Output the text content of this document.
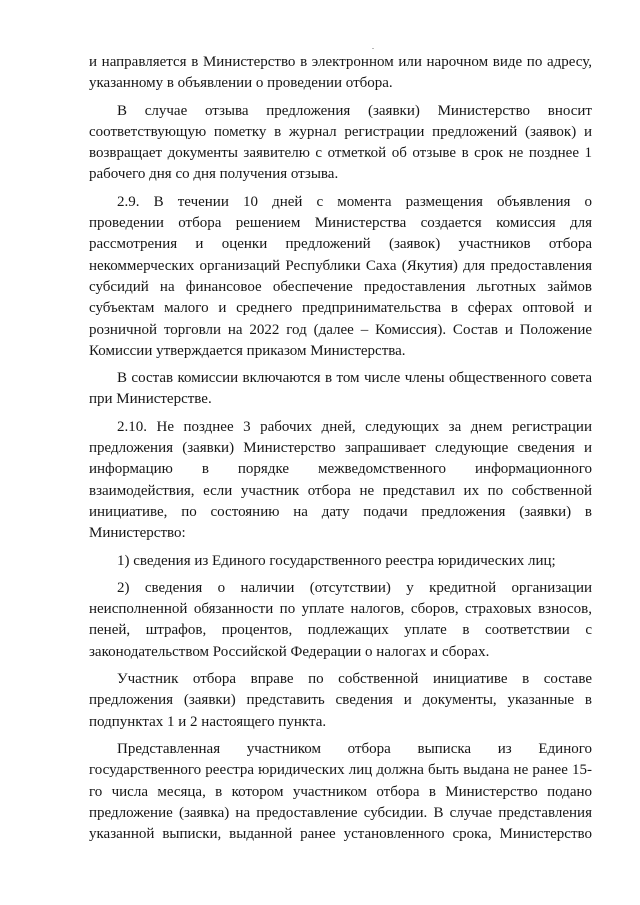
и направляется в Министерство в электронном или нарочном виде по адресу,
указанному в объявлении о проведении отбора.
В случае отзыва предложения (заявки) Министерство вносит
соответствующую пометку в журнал регистрации предложений (заявок) и
возвращает документы заявителю с отметкой об отзыве в срок не позднее 1
рабочего дня со дня получения отзыва.
2.9. В течении 10 дней с момента размещения объявления о
проведении отбора решением Министерства создается комиссия для
рассмотрения и оценки предложений (заявок) участников отбора
некоммерческих организаций Республики Саха (Якутия) для предоставления
субсидий на финансовое обеспечение предоставления льготных займов
субъектам малого и среднего предпринимательства в сферах оптовой и
розничной торговли на 2022 год (далее – Комиссия). Состав и Положение
Комиссии утверждается приказом Министерства.
В состав комиссии включаются в том числе члены общественного совета
при Министерстве.
2.10. Не позднее 3 рабочих дней, следующих за днем регистрации
предложения (заявки) Министерство запрашивает следующие сведения и
информацию в порядке межведомственного информационного
взаимодействия, если участник отбора не представил их по собственной
инициативе, по состоянию на дату подачи предложения (заявки) в
Министерство:
1) сведения из Единого государственного реестра юридических лиц;
2) сведения о наличии (отсутствии) у кредитной организации
неисполненной обязанности по уплате налогов, сборов, страховых взносов,
пеней, штрафов, процентов, подлежащих уплате в соответствии с
законодательством Российской Федерации о налогах и сборах.
Участник отбора вправе по собственной инициативе в составе
предложения (заявки) представить сведения и документы, указанные в
подпунктах 1 и 2 настоящего пункта.
Представленная участником отбора выписка из Единого
государственного реестра юридических лиц должна быть выдана не ранее 15-
го числа месяца, в котором участником отбора в Министерство подано
предложение (заявка) на предоставление субсидии. В случае представления
указанной выписки, выданной ранее установленного срока, Министерство
